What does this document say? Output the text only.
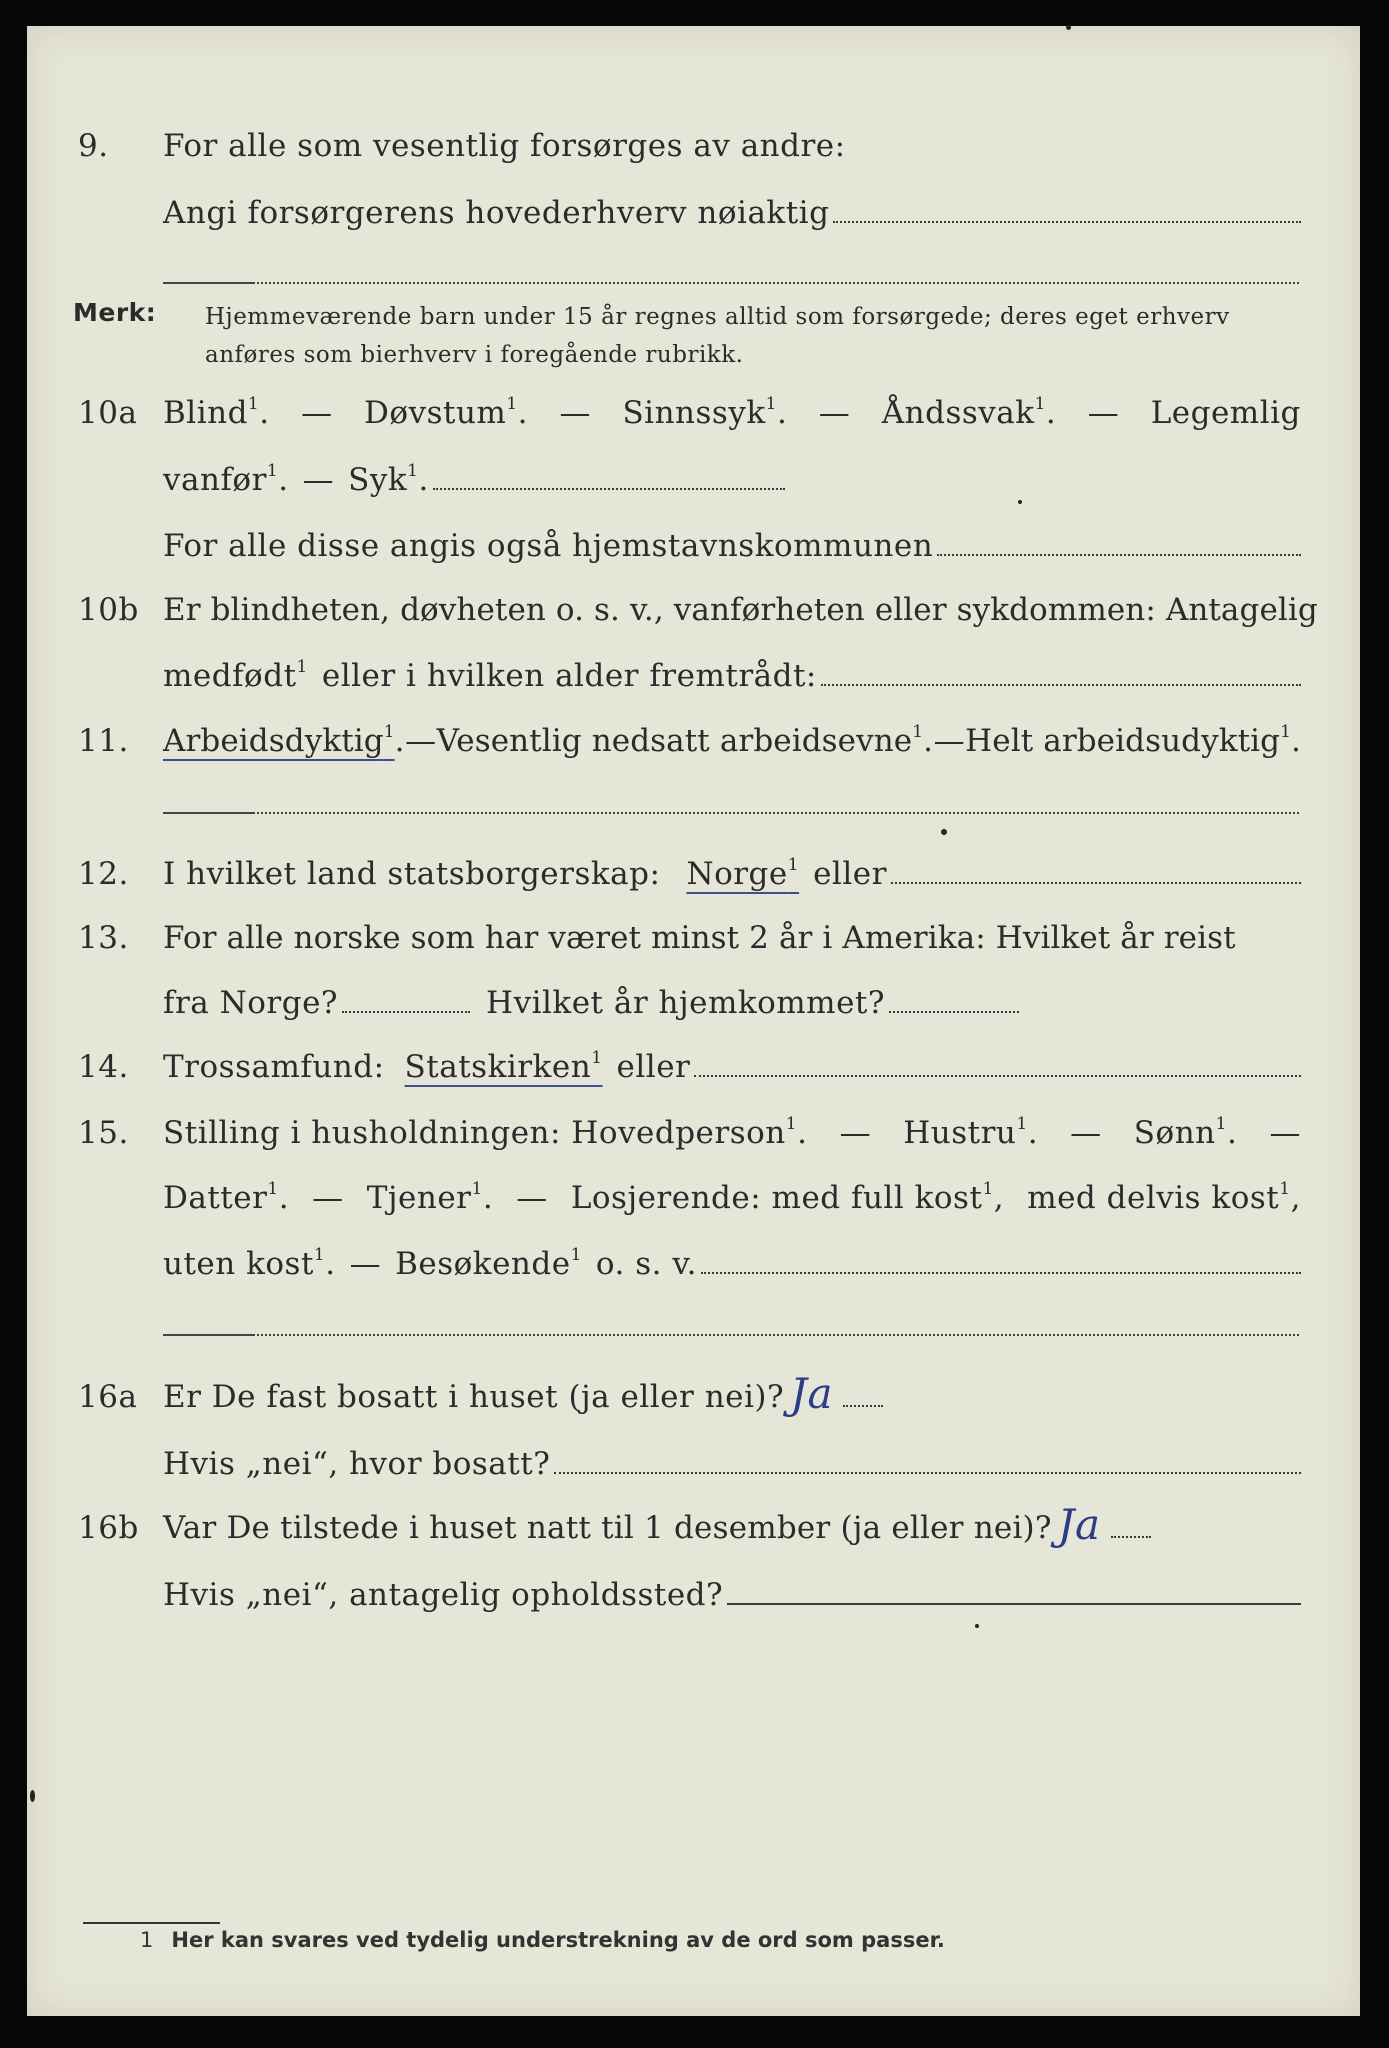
9. For alle som vesentlig forsørges av andre:
Angi forsørgerens hovederhverv nøiaktig
Merk: Hjemmeværende barn under 15 år regnes alltid som forsørgede; deres eget erhverv anføres som bierhverv i foregående rubrikk.
10a Blind$^1$. — Døvstum$^1$. — Sinnssyk$^1$. — Åndssvak$^1$. — Legemlig
vanfør$^1$. — Syk$^1$.
For alle disse angis også hjemstavnskommunen
10b Er blindheten, døvheten o. s. v., vanførheten eller sykdommen: Antagelig
medfødt$^1$ eller i hvilken alder fremtrådt:
11. Arbeidsdyktig$^1$ . — Vesentlig nedsatt arbeidsevne$^1$. — Helt arbeidsudyktig$^1$.
12. I hvilket land statsborgerskap: Norge$^1$ eller
13. For alle norske som har været minst 2 år i Amerika: Hvilket år reist
fra Norge?	Hvilket år hjemkommet?
14. Trossamfund: Statskirken$^1$ eller
15. Stilling i husholdningen: Hovedperson$^1$. — Hustru$^1$. — Sønn$^1$. —
Datter$^1$. — Tjener$^1$. — Losjerende: med full kost$^1$, med delvis kost$^1$,
uten kost$^1$. — Besøkende$^1$ o. s. v.
16a Er De fast bosatt i huset (ja eller nei)? Ja
Hvis „nei“, hvor bosatt?
16b Var De tilstede i huset natt til 1 desember (ja eller nei)? Ja
Hvis „nei“, antagelig opholdssted?
1 Her kan svares ved tydelig understrekning av de ord som passer.
